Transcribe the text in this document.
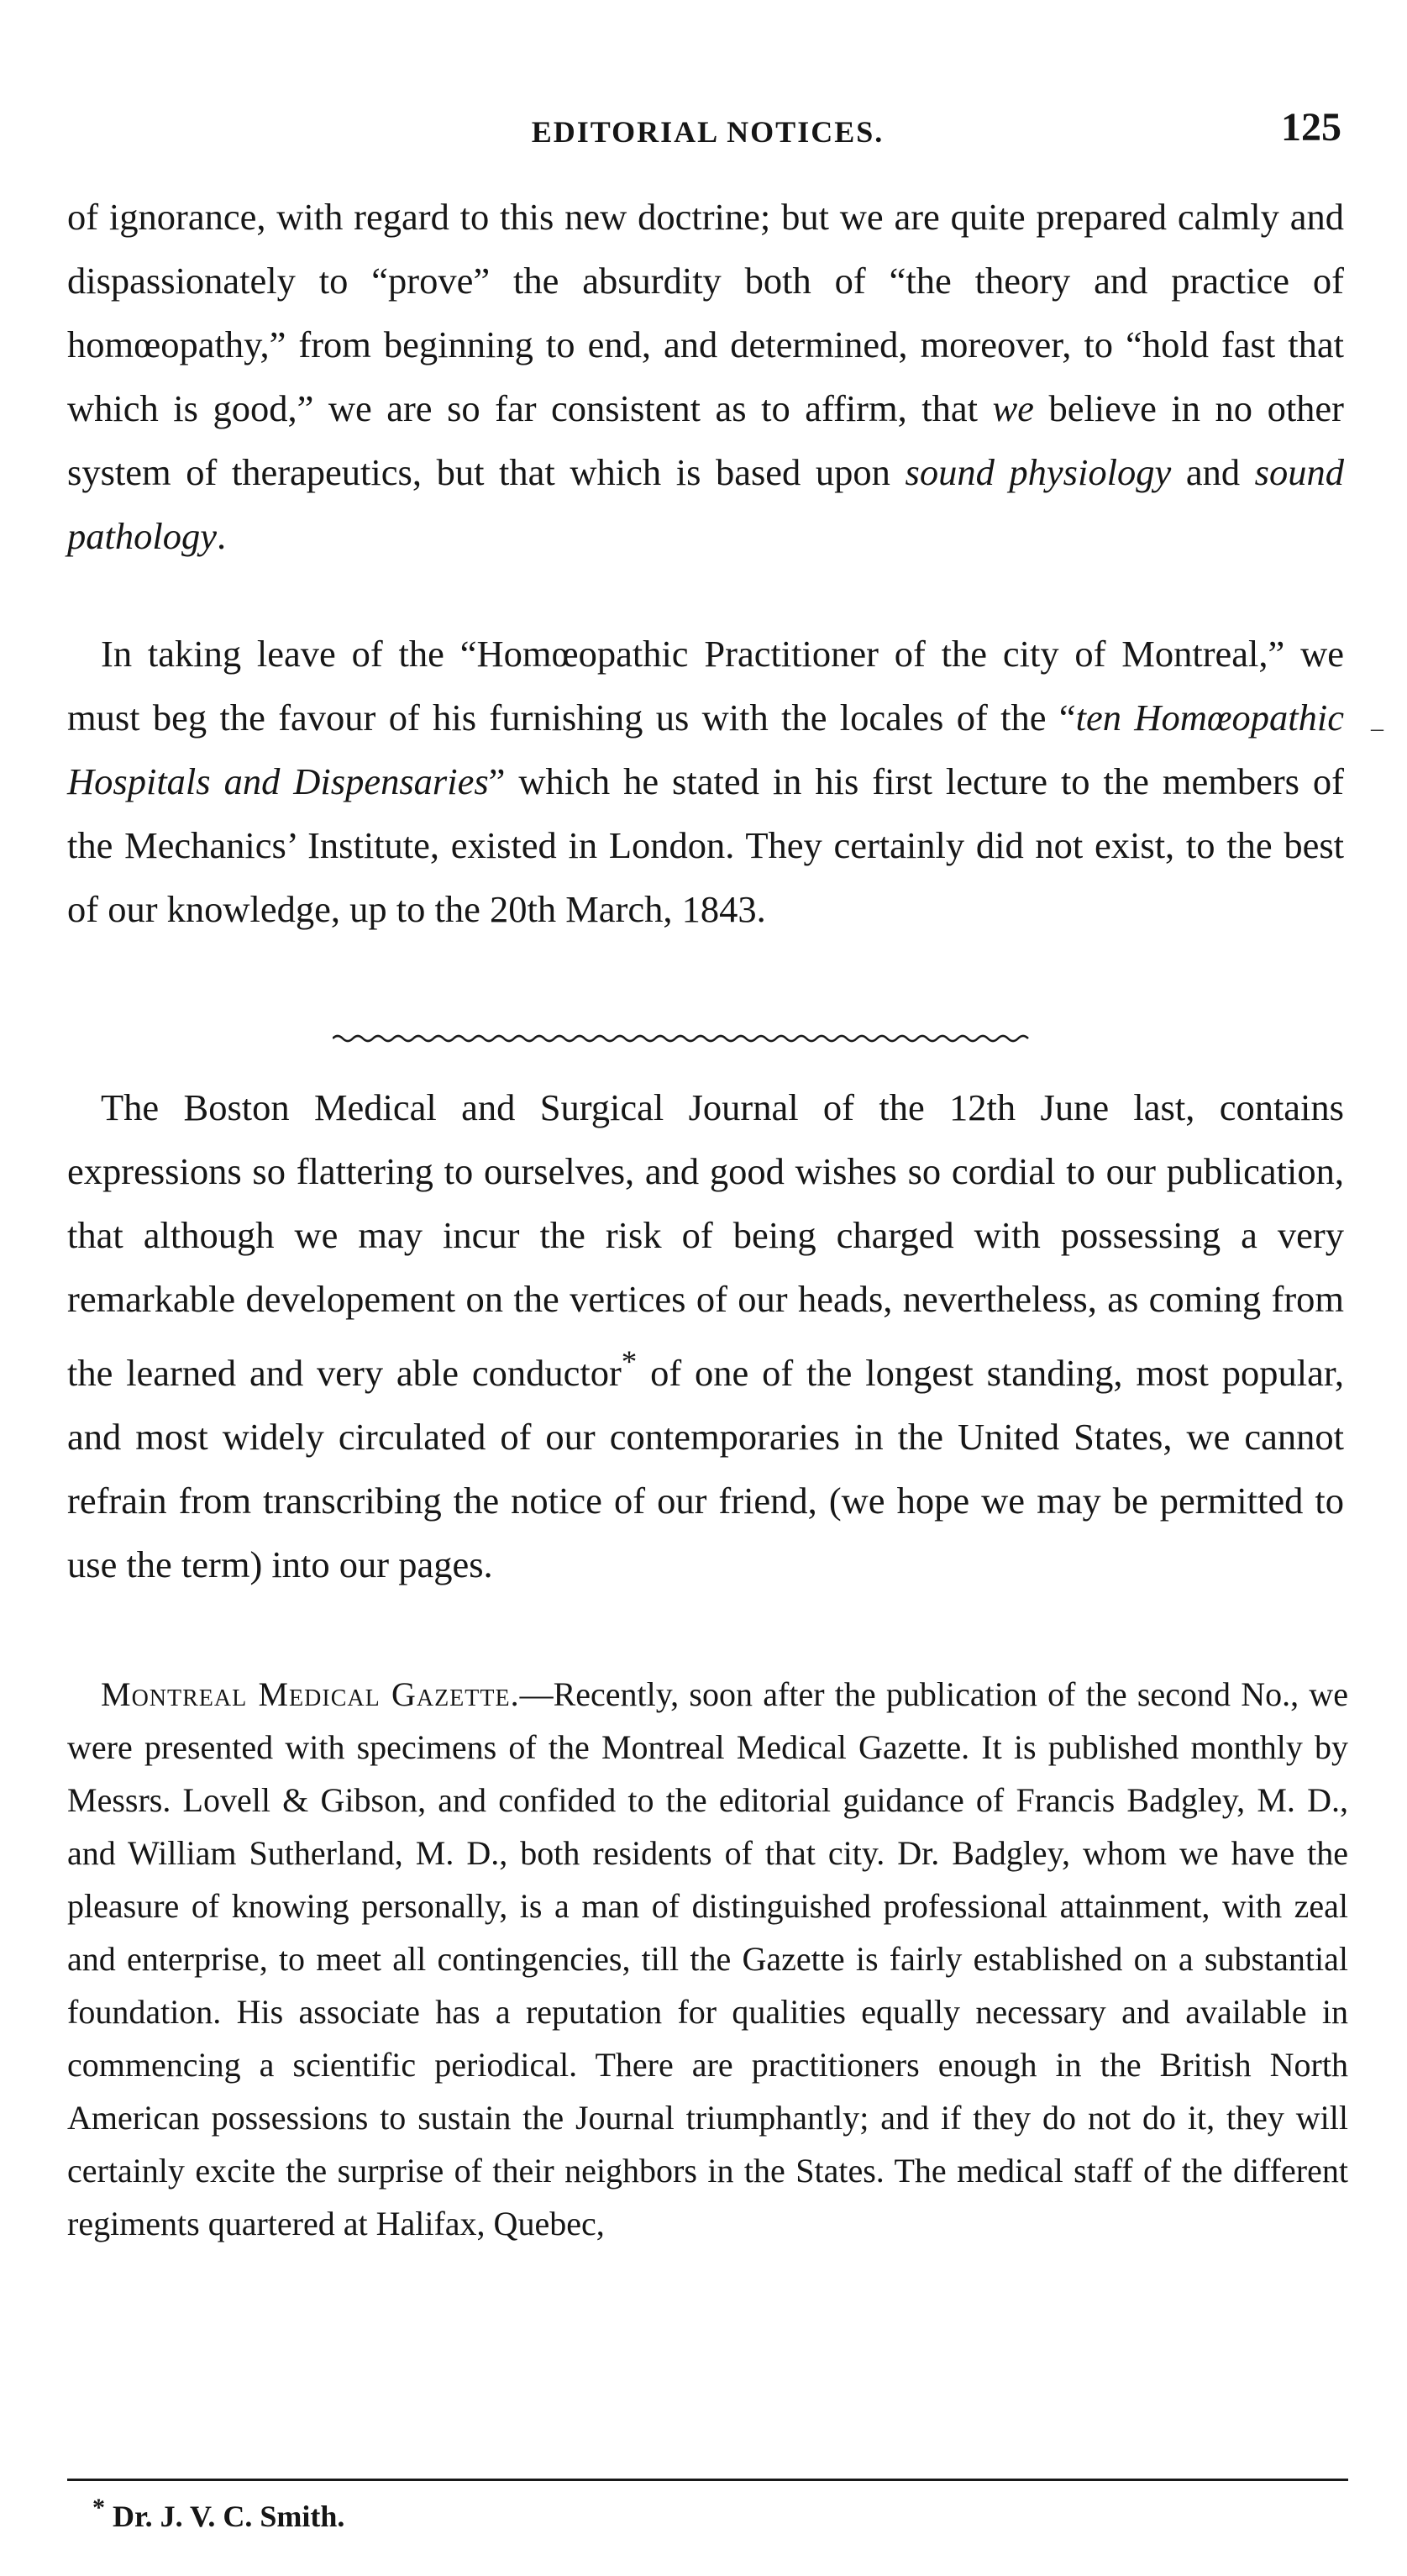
EDITORIAL NOTICES.	125

of ignorance, with regard to this new doctrine; but we are quite prepared calmly and dispassionately to “prove” the absurdity both of “the theory and practice of homœopathy,” from beginning to end, and determined, moreover, to “hold fast that which is good,” we are so far consistent as to affirm, that we believe in no other system of therapeutics, but that which is based upon sound physiology and sound pathology.

In taking leave of the “Homœopathic Practitioner of the city of Montreal,” we must beg the favour of his furnishing us with the locales of the “ten Homœopathic Hospitals and Dispensaries” which he stated in his first lecture to the members of the Mechanics’ Institute, existed in London. They certainly did not exist, to the best of our knowledge, up to the 20th March, 1843.

The Boston Medical and Surgical Journal of the 12th June last, contains expressions so flattering to ourselves, and good wishes so cordial to our publication, that although we may incur the risk of being charged with possessing a very remarkable developement on the vertices of our heads, nevertheless, as coming from the learned and very able conductor* of one of the longest standing, most popular, and most widely circulated of our contemporaries in the United States, we cannot refrain from transcribing the notice of our friend, (we hope we may be permitted to use the term) into our pages.

Montreal Medical Gazette.—Recently, soon after the publication of the second No., we were presented with specimens of the Montreal Medical Gazette. It is published monthly by Messrs. Lovell & Gibson, and confided to the editorial guidance of Francis Badgley, M. D., and William Sutherland, M. D., both residents of that city. Dr. Badgley, whom we have the pleasure of knowing personally, is a man of distinguished professional attainment, with zeal and enterprise, to meet all contingencies, till the Gazette is fairly established on a substantial foundation. His associate has a reputation for qualities equally necessary and available in commencing a scientific periodical. There are practitioners enough in the British North American possessions to sustain the Journal triumphantly; and if they do not do it, they will certainly excite the surprise of their neighbors in the States. The medical staff of the different regiments quartered at Halifax, Quebec,

* Dr. J. V. C. Smith.
–
